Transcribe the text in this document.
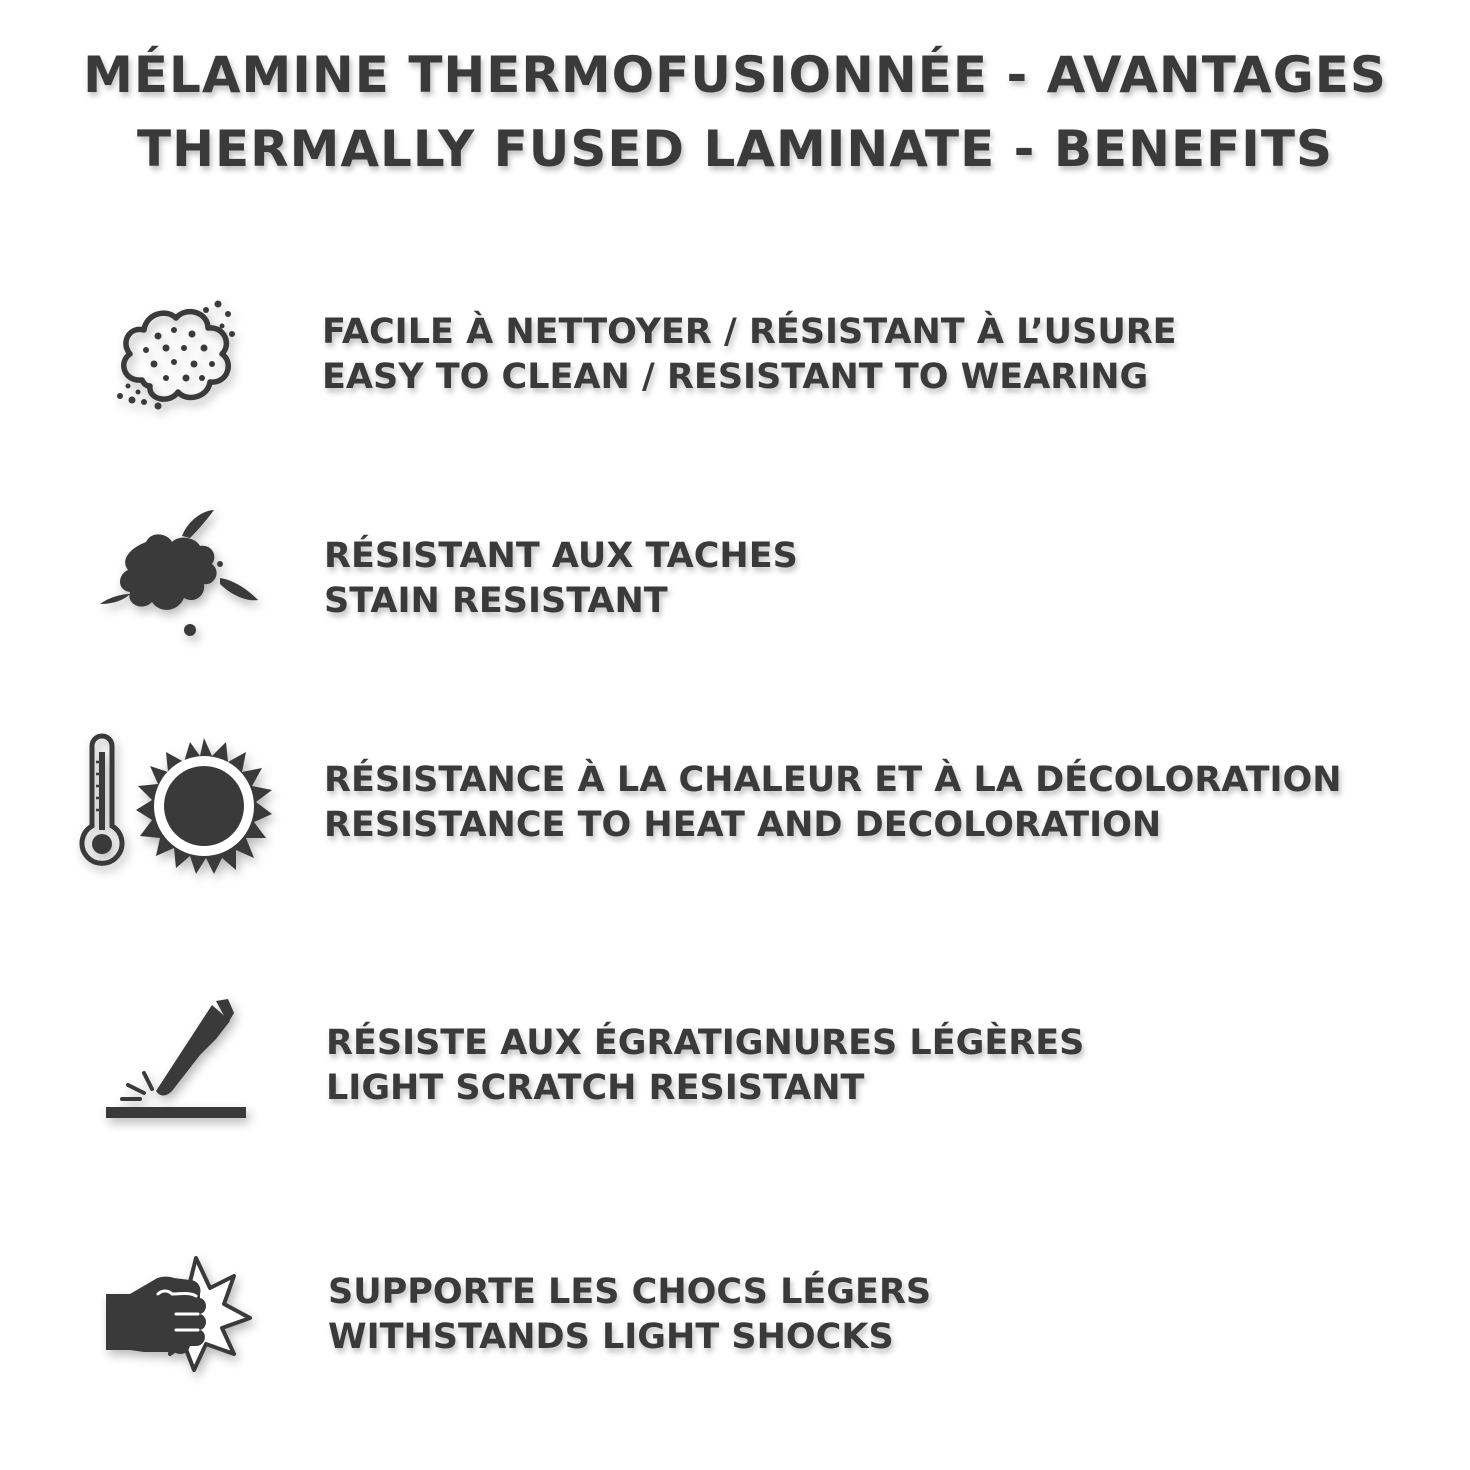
MÉLAMINE THERMOFUSIONNÉE - AVANTAGES
THERMALLY FUSED LAMINATE - BENEFITS
FACILE À NETTOYER / RÉSISTANT À L’USURE
EASY TO CLEAN / RESISTANT TO WEARING
RÉSISTANT AUX TACHES
STAIN RESISTANT
RÉSISTANCE À LA CHALEUR ET À LA DÉCOLORATION
RESISTANCE TO HEAT AND DECOLORATION
RÉSISTE AUX ÉGRATIGNURES LÉGÈRES
LIGHT SCRATCH RESISTANT
SUPPORTE LES CHOCS LÉGERS
WITHSTANDS LIGHT SHOCKS
